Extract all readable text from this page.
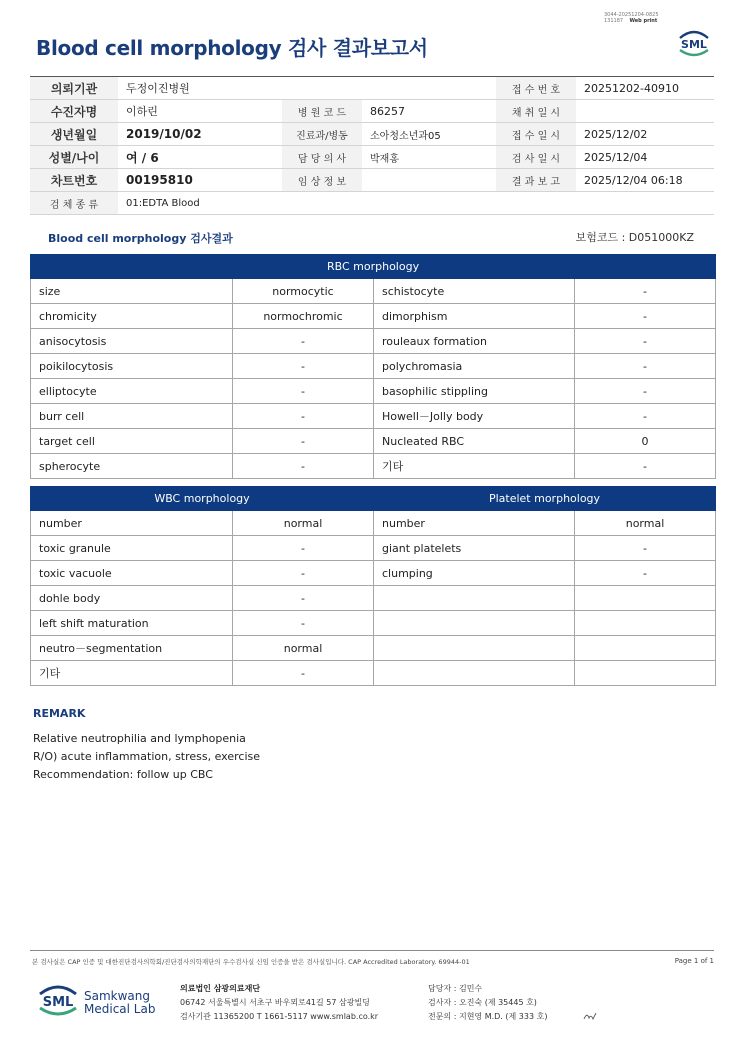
3044-20251204-0825
131187 Web print
Blood cell morphology 검사 결과보고서	SML
의뢰기관	두정이진병원			접 수 번 호	20251202-40910
수진자명	이하린	병 원 코 드	86257	채 취 일 시	
생년월일	2019/10/02	진료과/병동	소아청소년과05	접 수 일 시	2025/12/02
성별/나이	여 / 6	담 당 의 사	박재홍	검 사 일 시	2025/12/04
차트번호	00195810	임 상 정 보		결 과 보 고	2025/12/04 06:18
검 체 종 류	01:EDTA Blood				
Blood cell morphology 검사결과	보험코드 : D051000KZ
RBC morphology			
size	normocytic	schistocyte	-
chromicity	normochromic	dimorphism	-
anisocytosis	-	rouleaux formation	-
poikilocytosis	-	polychromasia	-
elliptocyte	-	basophilic stippling	-
burr cell	-	Howell－Jolly body	-
target cell	-	Nucleated RBC	0
spherocyte	-	기타	-
WBC morphology		Platelet morphology	
number	normal	number	normal
toxic granule	-	giant platelets	-
toxic vacuole	-	clumping	-
dohle body	-		
left shift maturation	-		
neutro－segmentation	normal		
기타	-		
REMARK
Relative neutrophilia and lymphopenia
R/O) acute inflammation, stress, exercise
Recommendation: follow up CBC
본 검사실은 CAP 인증 및 대한진단검사의학회/진단검사의학재단의 우수검사실 신임 인증을 받은 검사실입니다. CAP Accredited Laboratory. 69944-01	Page 1 of 1
SML Samkwang
Medical Lab
의료법인 삼광의료재단
06742 서울특별시 서초구 바우뫼로41길 57 삼광빌딩
검사기관 11365200 T 1661-5117 www.smlab.co.kr
담당자 : 김민수
검사자 : 오진숙 (제 35445 호)
전문의 : 지현영 M.D. (제 333 호)
